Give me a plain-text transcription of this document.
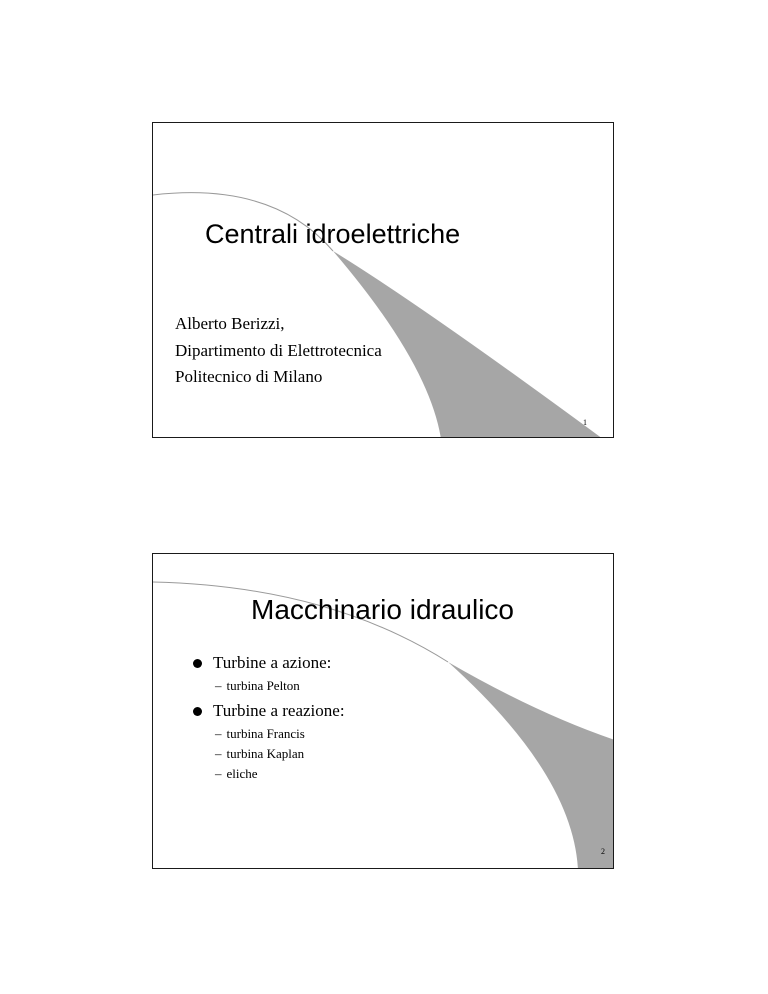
Centrali idroelettriche
Alberto Berizzi,
Dipartimento di Elettrotecnica
Politecnico di Milano
1
Macchinario idraulico
Turbine a azione:
– turbina Pelton
Turbine a reazione:
– turbina Francis
– turbina Kaplan
– eliche
2
